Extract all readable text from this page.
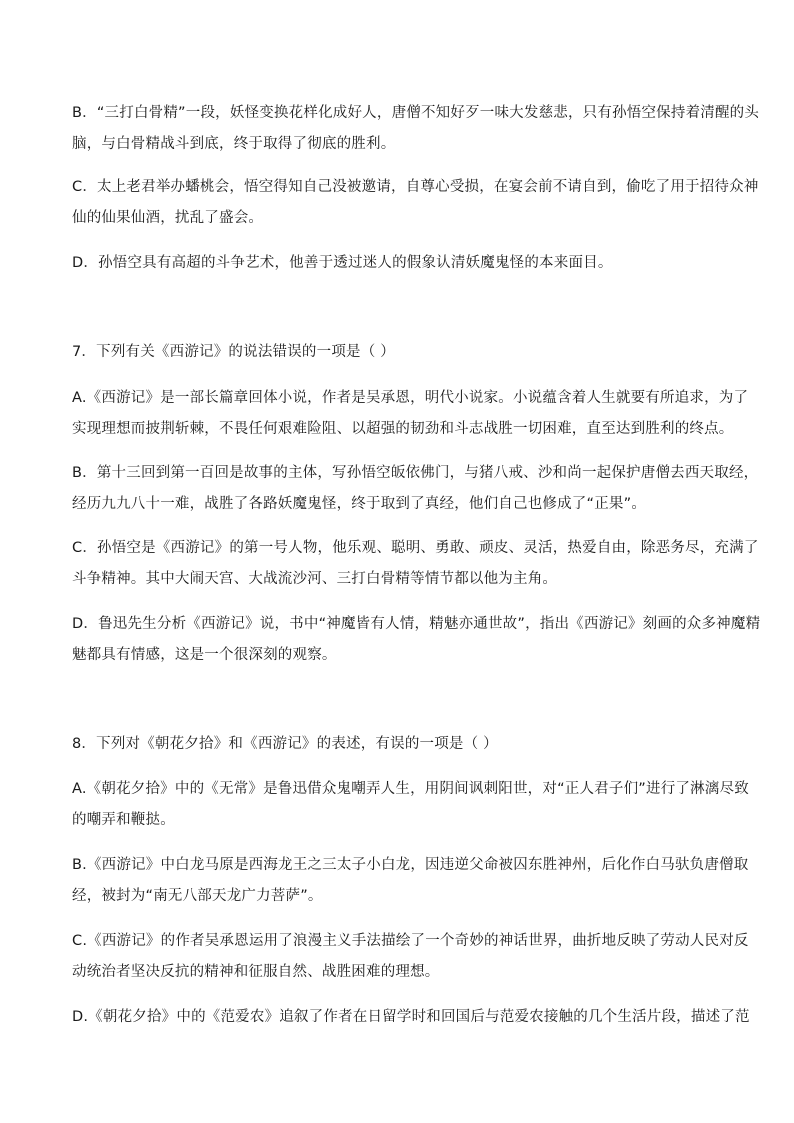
B．“三打白骨精”一段，妖怪变换花样化成好人，唐僧不知好歹一味大发慈悲，只有孙悟空保持着清醒的头
脑，与白骨精战斗到底，终于取得了彻底的胜利。
C．太上老君举办蟠桃会，悟空得知自己没被邀请，自尊心受损，在宴会前不请自到，偷吃了用于招待众神
仙的仙果仙酒，扰乱了盛会。
D．孙悟空具有高超的斗争艺术，他善于透过迷人的假象认清妖魔鬼怪的本来面目。
7．下列有关《西游记》的说法错误的一项是（ ）
A.《西游记》是一部长篇章回体小说，作者是吴承恩，明代小说家。小说蕴含着人生就要有所追求，为了
实现理想而披荆斩棘，不畏任何艰难险阻、以超强的韧劲和斗志战胜一切困难，直至达到胜利的终点。
B．第十三回到第一百回是故事的主体，写孙悟空皈依佛门，与猪八戒、沙和尚一起保护唐僧去西天取经，
经历九九八十一难，战胜了各路妖魔鬼怪，终于取到了真经，他们自己也修成了“正果”。
C．孙悟空是《西游记》的第一号人物，他乐观、聪明、勇敢、顽皮、灵活，热爱自由，除恶务尽，充满了
斗争精神。其中大闹天宫、大战流沙河、三打白骨精等情节都以他为主角。
D．鲁迅先生分析《西游记》说，书中“神魔皆有人情，精魅亦通世故”，指出《西游记》刻画的众多神魔精
魅都具有情感，这是一个很深刻的观察。
8．下列对《朝花夕拾》和《西游记》的表述，有误的一项是（ ）
A.《朝花夕拾》中的《无常》是鲁迅借众鬼嘲弄人生，用阴间讽刺阳世，对“正人君子们”进行了淋漓尽致
的嘲弄和鞭挞。
B.《西游记》中白龙马原是西海龙王之三太子小白龙，因违逆父命被囚东胜神州，后化作白马驮负唐僧取
经，被封为“南无八部天龙广力菩萨”。
C.《西游记》的作者吴承恩运用了浪漫主义手法描绘了一个奇妙的神话世界，曲折地反映了劳动人民对反
动统治者坚决反抗的精神和征服自然、战胜困难的理想。
D.《朝花夕拾》中的《范爱农》追叙了作者在日留学时和回国后与范爱农接触的几个生活片段，描述了范
